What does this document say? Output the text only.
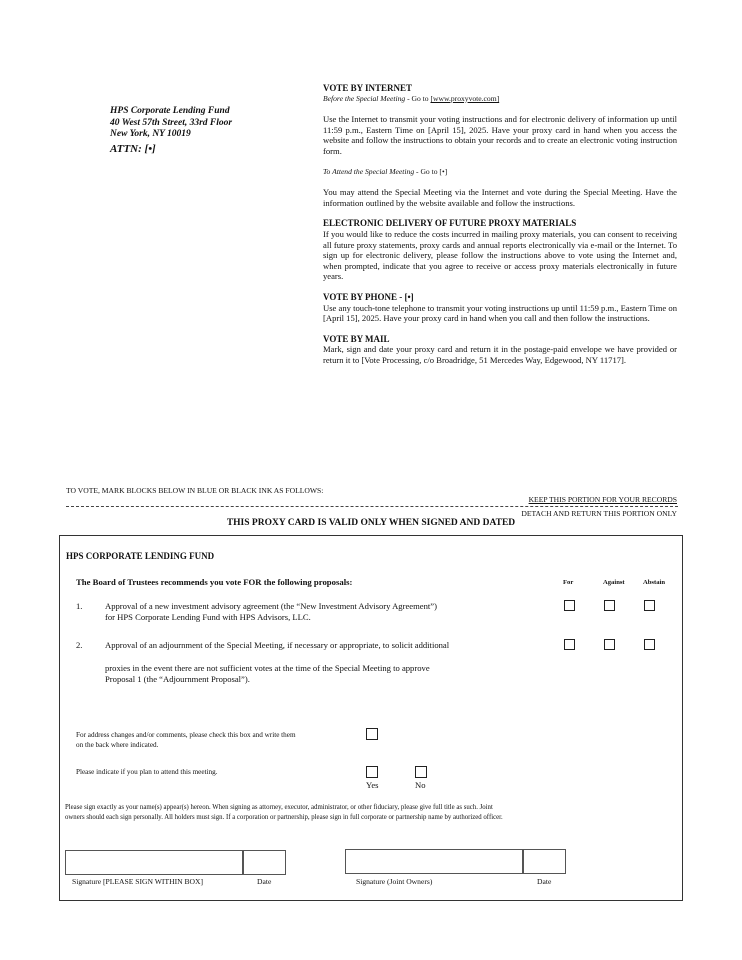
HPS Corporate Lending Fund
40 West 57th Street, 33rd Floor
New York, NY 10019
ATTN: [•]
VOTE BY INTERNET
Before the Special Meeting - Go to [www.proxyvote.com]

Use the Internet to transmit your voting instructions and for electronic delivery of information up until 11:59 p.m., Eastern Time on [April 15], 2025. Have your proxy card in hand when you access the website and follow the instructions to obtain your records and to create an electronic voting instruction form.

To Attend the Special Meeting - Go to [•]

You may attend the Special Meeting via the Internet and vote during the Special Meeting. Have the information outlined by the website available and follow the instructions.

ELECTRONIC DELIVERY OF FUTURE PROXY MATERIALS

If you would like to reduce the costs incurred in mailing proxy materials, you can consent to receiving all future proxy statements, proxy cards and annual reports electronically via e-mail or the Internet. To sign up for electronic delivery, please follow the instructions above to vote using the Internet and, when prompted, indicate that you agree to receive or access proxy materials electronically in future years.

VOTE BY PHONE - [•]

Use any touch-tone telephone to transmit your voting instructions up until 11:59 p.m., Eastern Time on [April 15], 2025. Have your proxy card in hand when you call and then follow the instructions.

VOTE BY MAIL

Mark, sign and date your proxy card and return it in the postage-paid envelope we have provided or return it to [Vote Processing, c/o Broadridge, 51 Mercedes Way, Edgewood, NY 11717].

TO VOTE, MARK BLOCKS BELOW IN BLUE OR BLACK INK AS FOLLOWS:
KEEP THIS PORTION FOR YOUR RECORDS
DETACH AND RETURN THIS PORTION ONLY
THIS PROXY CARD IS VALID ONLY WHEN SIGNED AND DATED
HPS CORPORATE LENDING FUND
The Board of Trustees recommends you vote FOR the following proposals:	For	Against	Abstain
1.	Approval of a new investment advisory agreement (the “New Investment Advisory Agreement”)
for HPS Corporate Lending Fund with HPS Advisors, LLC.
2.	Approval of an adjournment of the Special Meeting, if necessary or appropriate, to solicit additional
proxies in the event there are not sufficient votes at the time of the Special Meeting to approve
Proposal 1 (the “Adjournment Proposal”).
For address changes and/or comments, please check this box and write them
on the back where indicated.
Please indicate if you plan to attend this meeting.
Yes	No
Please sign exactly as your name(s) appear(s) hereon. When signing as attorney, executor, administrator, or other fiduciary, please give full title as such. Joint
owners should each sign personally. All holders must sign. If a corporation or partnership, please sign in full corporate or partnership name by authorized officer.
Signature [PLEASE SIGN WITHIN BOX]	Date	Signature (Joint Owners)	Date
